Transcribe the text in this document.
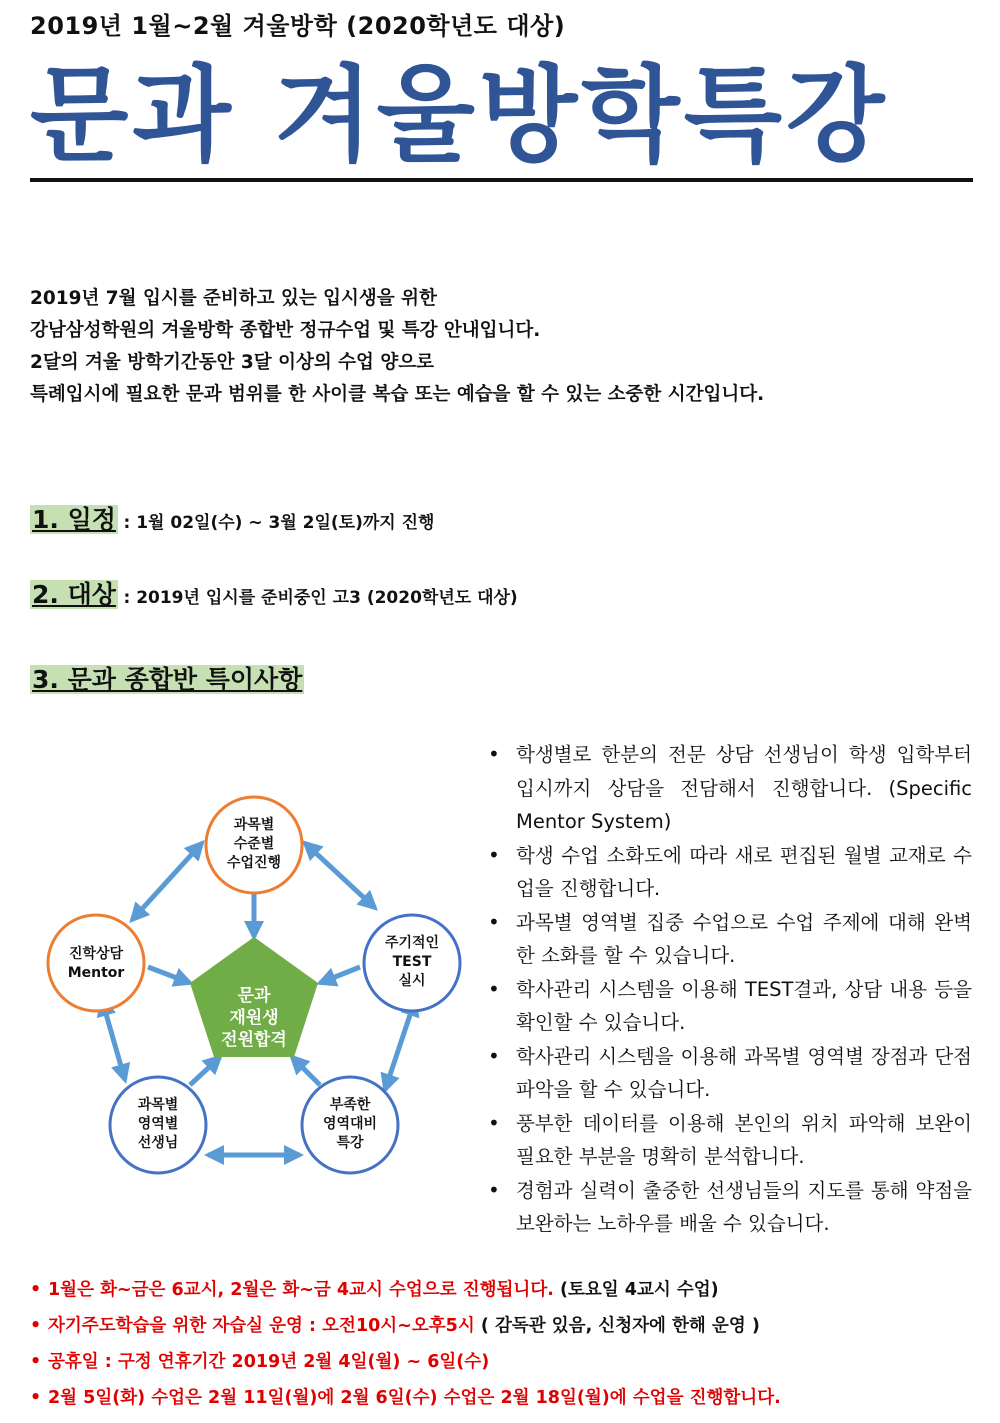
2019년 1월~2월 겨울방학 (2020학년도 대상)
문과 겨울방학특강
2019년 7월 입시를 준비하고 있는 입시생을 위한
강남삼성학원의 겨울방학 종합반 정규수업 및 특강 안내입니다.
2달의 겨울 방학기간동안 3달 이상의 수업 양으로
특례입시에 필요한 문과 범위를 한 사이클 복습 또는 예습을 할 수 있는 소중한 시간입니다.
1. 일정 : 1월 02일(수) ~ 3월 2일(토)까지 진행
2. 대상 : 2019년 입시를 준비중인 고3 (2020학년도 대상)
3. 문과 종합반 특이사항
과목별
수준별
수업진행
진학상담
Mentor
주기적인
TEST
실시
과목별
영역별
선생님
부족한
영역대비
특강
문과
재원생
전원합격
• 학생별로 한분의 전문 상담 선생님이 학생 입학부터 입시까지 상담을 전담해서 진행합니다. (Specific Mentor System)
• 학생 수업 소화도에 따라 새로 편집된 월별 교재로 수업을 진행합니다.
• 과목별 영역별 집중 수업으로 수업 주제에 대해 완벽한 소화를 할 수 있습니다.
• 학사관리 시스템을 이용해 TEST결과, 상담 내용 등을 확인할 수 있습니다.
• 학사관리 시스템을 이용해 과목별 영역별 장점과 단점 파악을 할 수 있습니다.
• 풍부한 데이터를 이용해 본인의 위치 파악해 보완이 필요한 부분을 명확히 분석합니다.
• 경험과 실력이 출중한 선생님들의 지도를 통해 약점을 보완하는 노하우를 배울 수 있습니다.
• 1월은 화~금은 6교시, 2월은 화~금 4교시 수업으로 진행됩니다. (토요일 4교시 수업)
• 자기주도학습을 위한 자습실 운영 : 오전10시~오후5시 ( 감독관 있음, 신청자에 한해 운영 )
• 공휴일 : 구정 연휴기간 2019년 2월 4일(월) ~ 6일(수)
• 2월 5일(화) 수업은 2월 11일(월)에 2월 6일(수) 수업은 2월 18일(월)에 수업을 진행합니다.
